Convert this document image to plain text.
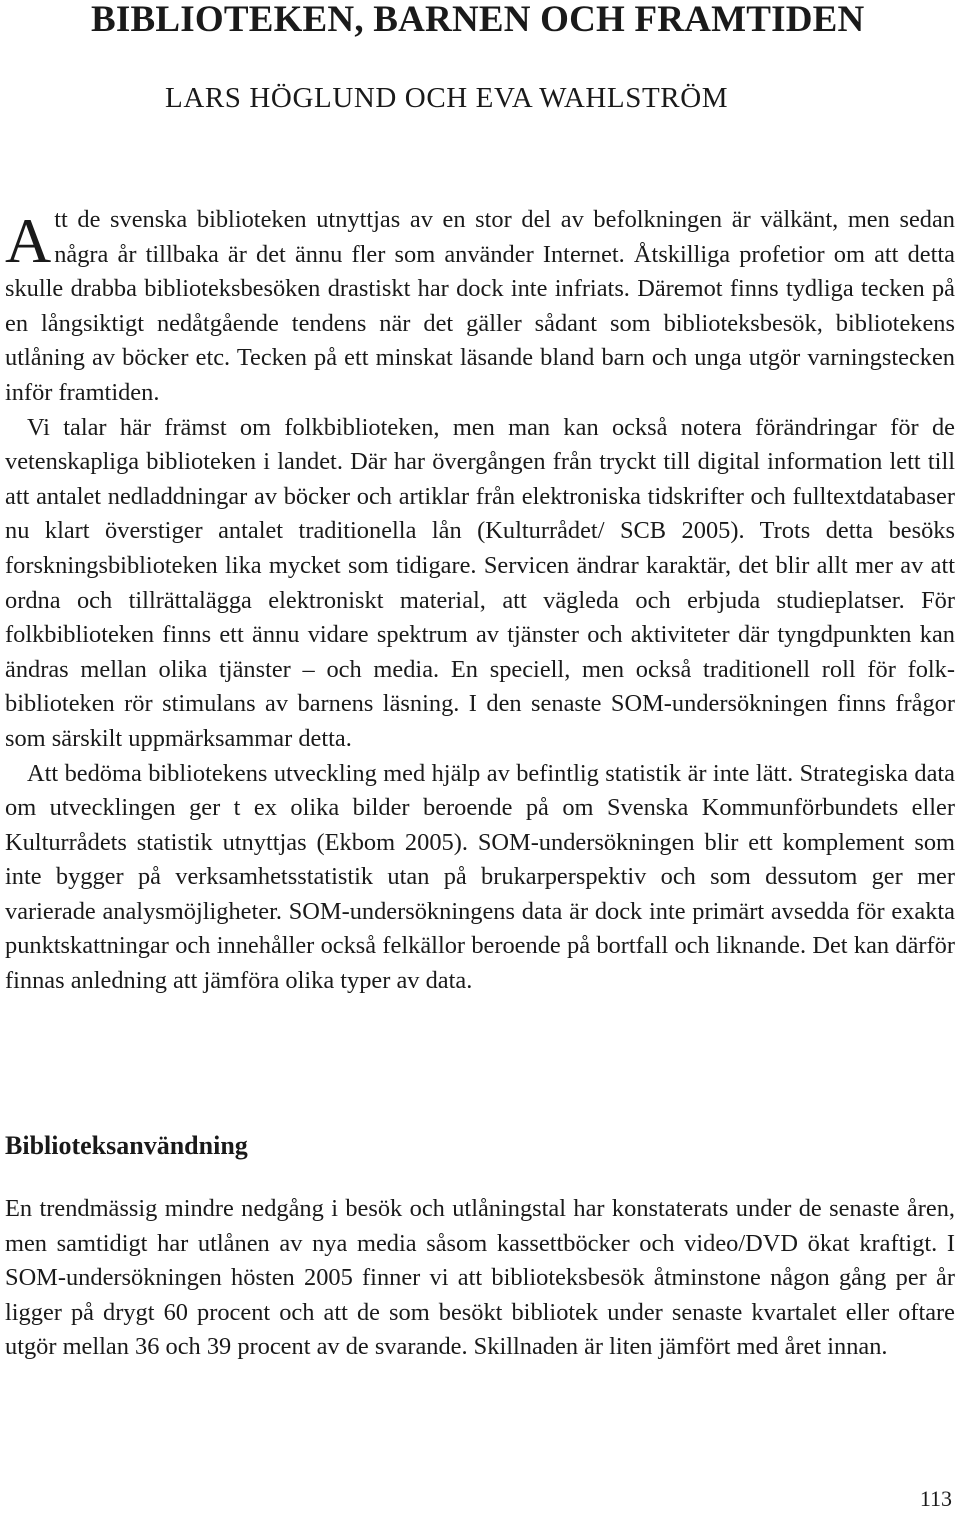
BIBLIOTEKEN, BARNEN OCH FRAMTIDEN
LARS HÖGLUND OCH EVA WAHLSTRÖM

Att de svenska biblioteken utnyttjas av en stor del av befolkningen är välkänt, men sedan några år tillbaka är det ännu fler som använder Internet. Åtskilliga profetior om att detta skulle drabba biblioteksbesöken drastiskt har dock inte infriats. Däremot finns tydliga tecken på en långsiktigt nedåtgående tendens när det gäller sådant som biblioteksbesök, bibliotekens utlåning av böcker etc. Tecken på ett minskat läsande bland barn och unga utgör varningstecken inför framtiden.

Vi talar här främst om folkbiblioteken, men man kan också notera förändringar för de vetenskapliga biblioteken i landet. Där har övergången från tryckt till digital information lett till att antalet nedladdningar av böcker och artiklar från elektroniska tidskrifter och fulltextdatabaser nu klart överstiger antalet traditionella lån (Kulturrådet/ SCB 2005). Trots detta besöks forskningsbiblioteken lika mycket som tidigare. Servicen ändrar karaktär, det blir allt mer av att ordna och tillrättalägga elektroniskt material, att vägleda och erbjuda studieplatser. För folkbiblioteken finns ett ännu vidare spektrum av tjänster och aktiviteter där tyngdpunkten kan ändras mellan olika tjänster – och media. En speciell, men också traditionell roll för folkbiblioteken rör stimulans av barnens läsning. I den senaste SOM-undersökningen finns frågor som särskilt uppmärksammar detta.

Att bedöma bibliotekens utveckling med hjälp av befintlig statistik är inte lätt. Strategiska data om utvecklingen ger t ex olika bilder beroende på om Svenska Kommunförbundets eller Kulturrådets statistik utnyttjas (Ekbom 2005). SOM-undersökningen blir ett komplement som inte bygger på verksamhetsstatistik utan på brukarperspektiv och som dessutom ger mer varierade analysmöjligheter. SOM-undersökningens data är dock inte primärt avsedda för exakta punktskattningar och innehåller också felkällor beroende på bortfall och liknande. Det kan därför finnas anledning att jämföra olika typer av data.

Biblioteksanvändning

En trendmässig mindre nedgång i besök och utlåningstal har konstaterats under de senaste åren, men samtidigt har utlånen av nya media såsom kassettböcker och video/DVD ökat kraftigt. I SOM-undersökningen hösten 2005 finner vi att biblioteksbesök åtminstone någon gång per år ligger på drygt 60 procent och att de som besökt bibliotek under senaste kvartalet eller oftare utgör mellan 36 och 39 procent av de svarande. Skillnaden är liten jämfört med året innan.

113
